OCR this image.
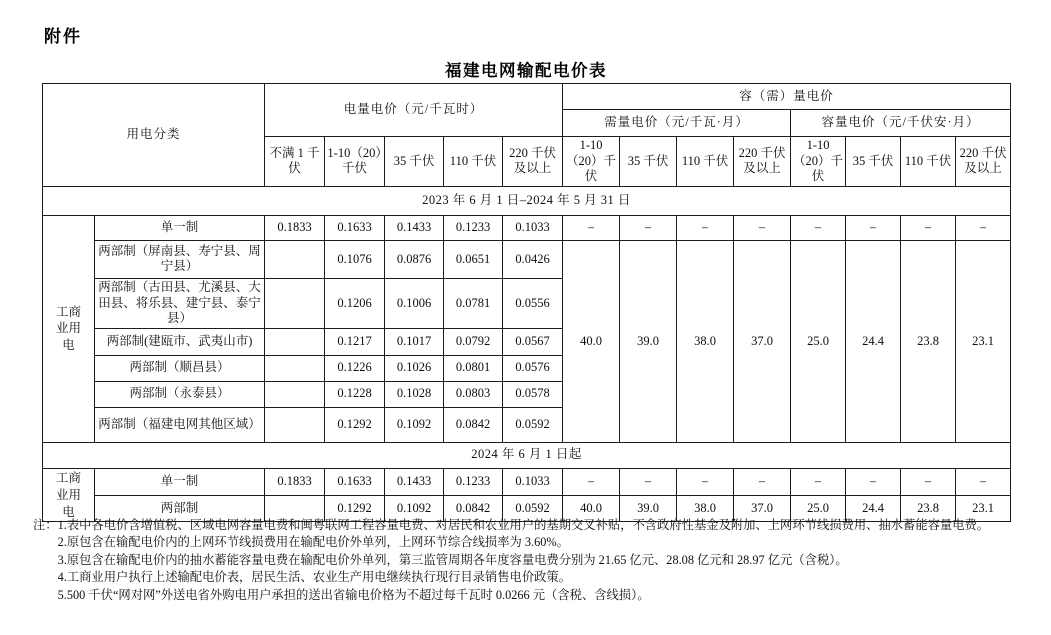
附件
福建电网输配电价表
用电分类		电量电价（元/千瓦时）					容（需）量电价							
							需量电价（元/千瓦·月）				容量电价（元/千伏安·月）			
		不满 1 千伏	1-10（20）千伏	35 千伏	110 千伏	220 千伏及以上	1-10（20）千伏	35 千伏	110 千伏	220 千伏及以上	1-10（20）千伏	35 千伏	110 千伏	220 千伏及以上
2023 年 6 月 1 日–2024 年 5 月 31 日														
工商业用电	单一制	0.1833	0.1633	0.1433	0.1233	0.1033	–	–	–	–	–	–	–	–
	两部制（屏南县、寿宁县、周宁县）		0.1076	0.0876	0.0651	0.0426	40.0	39.0	38.0	37.0	25.0	24.4	23.8	23.1
	两部制（古田县、尤溪县、大田县、将乐县、建宁县、泰宁县）		0.1206	0.1006	0.0781	0.0556								
	两部制(建瓯市、武夷山市)		0.1217	0.1017	0.0792	0.0567								
	两部制（顺昌县）		0.1226	0.1026	0.0801	0.0576								
	两部制（永泰县）		0.1228	0.1028	0.0803	0.0578								
	两部制（福建电网其他区域）		0.1292	0.1092	0.0842	0.0592								
2024 年 6 月 1 日起														
工商业用电	单一制	0.1833	0.1633	0.1433	0.1233	0.1033	–	–	–	–	–	–	–	–
	两部制		0.1292	0.1092	0.0842	0.0592	40.0	39.0	38.0	37.0	25.0	24.4	23.8	23.1
注： 1.表中各电价含增值税、区域电网容量电费和闽粤联网工程容量电费、对居民和农业用户的基期交叉补贴，不含政府性基金及附加、上网环节线损费用、抽水蓄能容量电费。
2.原包含在输配电价内的上网环节线损费用在输配电价外单列，上网环节综合线损率为 3.60%。
3.原包含在输配电价内的抽水蓄能容量电费在输配电价外单列，第三监管周期各年度容量电费分别为 21.65 亿元、28.08 亿元和 28.97 亿元（含税）。
4.工商业用户执行上述输配电价表，居民生活、农业生产用电继续执行现行目录销售电价政策。
5.500 千伏“网对网”外送电省外购电用户承担的送出省输电价格为不超过每千瓦时 0.0266 元（含税、含线损）。
